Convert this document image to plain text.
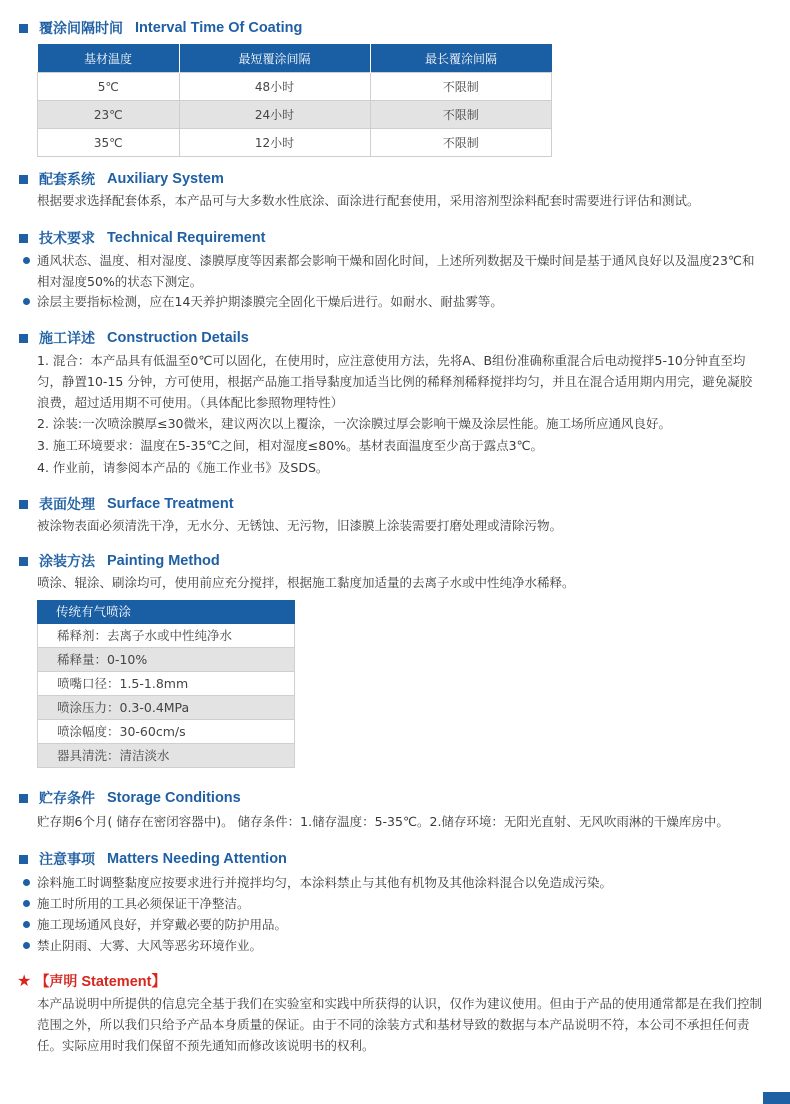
覆涂间隔时间 Interval Time Of Coating
基材温度	最短覆涂间隔	最长覆涂间隔
5℃	48小时	不限制
23℃	24小时	不限制
35℃	12小时	不限制
配套系统 Auxiliary System
根据要求选择配套体系，本产品可与大多数水性底涂、面涂进行配套使用，采用溶剂型涂料配套时需要进行评估和测试。
技术要求 Technical Requirement
通风状态、温度、相对湿度、漆膜厚度等因素都会影响干燥和固化时间，上述所列数据及干燥时间是基于通风良好以及温度23℃和相对湿度50%的状态下测定。
涂层主要指标检测，应在14天养护期漆膜完全固化干燥后进行。如耐水、耐盐雾等。
施工详述 Construction Details
1. 混合：本产品具有低温至0℃可以固化，在使用时，应注意使用方法，先将A、B组份准确称重混合后电动搅拌5-10分钟直至均匀，静置10-15 分钟，方可使用，根据产品施工指导黏度加适当比例的稀释剂稀释搅拌均匀，并且在混合适用期内用完，避免凝胶浪费，超过适用期不可使用。（具体配比参照物理特性）
2. 涂装:一次喷涂膜厚≤30微米，建议两次以上覆涂，一次涂膜过厚会影响干燥及涂层性能。施工场所应通风良好。
3. 施工环境要求：温度在5-35℃之间，相对湿度≤80%。基材表面温度至少高于露点3℃。
4. 作业前，请参阅本产品的《施工作业书》及SDS。
表面处理 Surface Treatment
被涂物表面必须清洗干净，无水分、无锈蚀、无污物，旧漆膜上涂装需要打磨处理或清除污物。
涂装方法 Painting Method
喷涂、辊涂、刷涂均可，使用前应充分搅拌，根据施工黏度加适量的去离子水或中性纯净水稀释。
传统有气喷涂
稀释剂：去离子水或中性纯净水
稀释量：0-10%
喷嘴口径：1.5-1.8mm
喷涂压力：0.3-0.4MPa
喷涂幅度：30-60cm/s
器具清洗：清洁淡水
贮存条件 Storage Conditions
贮存期6个月( 储存在密闭容器中)。 储存条件：1.储存温度：5-35℃。2.储存环境：无阳光直射、无风吹雨淋的干燥库房中。
注意事项 Matters Needing Attention
涂料施工时调整黏度应按要求进行并搅拌均匀，本涂料禁止与其他有机物及其他涂料混合以免造成污染。
施工时所用的工具必须保证干净整洁。
施工现场通风良好，并穿戴必要的防护用品。
禁止阴雨、大雾、大风等恶劣环境作业。
★ 【声明 Statement】
本产品说明中所提供的信息完全基于我们在实验室和实践中所获得的认识，仅作为建议使用。但由于产品的使用通常都是在我们控制范围之外，所以我们只给予产品本身质量的保证。由于不同的涂装方式和基材导致的数据与本产品说明不符，本公司不承担任何责任。实际应用时我们保留不预先通知而修改该说明书的权利。
